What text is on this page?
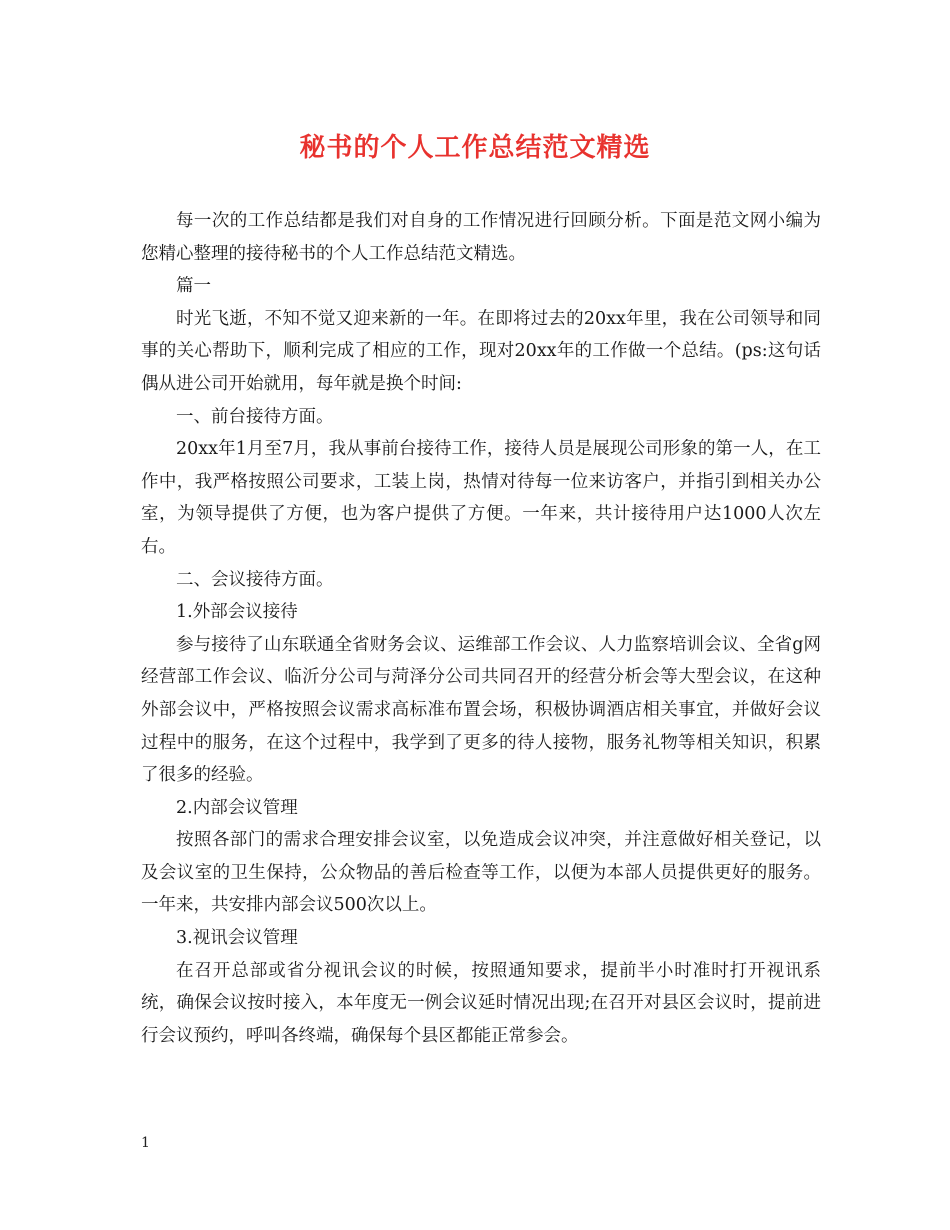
秘书的个人工作总结范文精选

每一次的工作总结都是我们对自身的工作情况进行回顾分析。下面是范文网小编为您精心整理的接待秘书的个人工作总结范文精选。

篇一

时光飞逝，不知不觉又迎来新的一年。在即将过去的20xx年里，我在公司领导和同事的关心帮助下，顺利完成了相应的工作，现对20xx年的工作做一个总结。(ps:这句话偶从进公司开始就用，每年就是换个时间:

一、前台接待方面。

20xx年1月至7月，我从事前台接待工作，接待人员是展现公司形象的第一人，在工作中，我严格按照公司要求，工装上岗，热情对待每一位来访客户，并指引到相关办公室，为领导提供了方便，也为客户提供了方便。一年来，共计接待用户达1000人次左右。

二、会议接待方面。

1.外部会议接待

参与接待了山东联通全省财务会议、运维部工作会议、人力监察培训会议、全省g网经营部工作会议、临沂分公司与菏泽分公司共同召开的经营分析会等大型会议，在这种外部会议中，严格按照会议需求高标准布置会场，积极协调酒店相关事宜，并做好会议过程中的服务，在这个过程中，我学到了更多的待人接物，服务礼物等相关知识，积累了很多的经验。

2.内部会议管理

按照各部门的需求合理安排会议室，以免造成会议冲突，并注意做好相关登记，以及会议室的卫生保持，公众物品的善后检查等工作，以便为本部人员提供更好的服务。一年来，共安排内部会议500次以上。

3.视讯会议管理

在召开总部或省分视讯会议的时候，按照通知要求，提前半小时准时打开视讯系统，确保会议按时接入，本年度无一例会议延时情况出现;在召开对县区会议时，提前进行会议预约，呼叫各终端，确保每个县区都能正常参会。

1
